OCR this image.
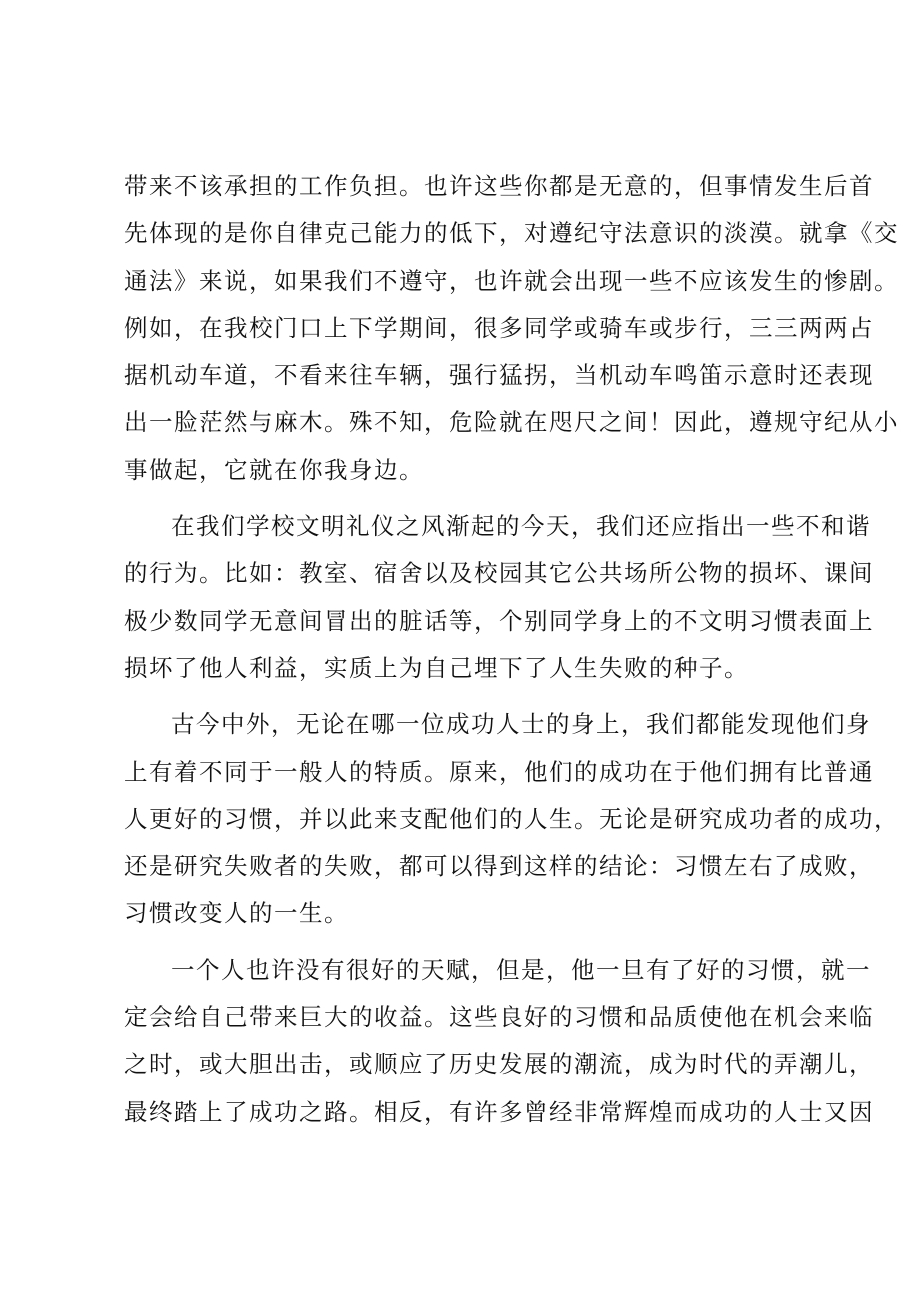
带来不该承担的工作负担。也许这些你都是无意的，但事情发生后首
先体现的是你自律克己能力的低下，对遵纪守法意识的淡漠。就拿《交
通法》来说，如果我们不遵守，也许就会出现一些不应该发生的惨剧。
例如，在我校门口上下学期间，很多同学或骑车或步行，三三两两占
据机动车道，不看来往车辆，强行猛拐，当机动车鸣笛示意时还表现
出一脸茫然与麻木。殊不知，危险就在咫尺之间！因此，遵规守纪从小
事做起，它就在你我身边。
在我们学校文明礼仪之风渐起的今天，我们还应指出一些不和谐
的行为。比如：教室、宿舍以及校园其它公共场所公物的损坏、课间
极少数同学无意间冒出的脏话等，个别同学身上的不文明习惯表面上
损坏了他人利益，实质上为自己埋下了人生失败的种子。
古今中外，无论在哪一位成功人士的身上，我们都能发现他们身
上有着不同于一般人的特质。原来，他们的成功在于他们拥有比普通
人更好的习惯，并以此来支配他们的人生。无论是研究成功者的成功，
还是研究失败者的失败，都可以得到这样的结论：习惯左右了成败，
习惯改变人的一生。
一个人也许没有很好的天赋，但是，他一旦有了好的习惯，就一
定会给自己带来巨大的收益。这些良好的习惯和品质使他在机会来临
之时，或大胆出击，或顺应了历史发展的潮流，成为时代的弄潮儿，
最终踏上了成功之路。相反，有许多曾经非常辉煌而成功的人士又因
